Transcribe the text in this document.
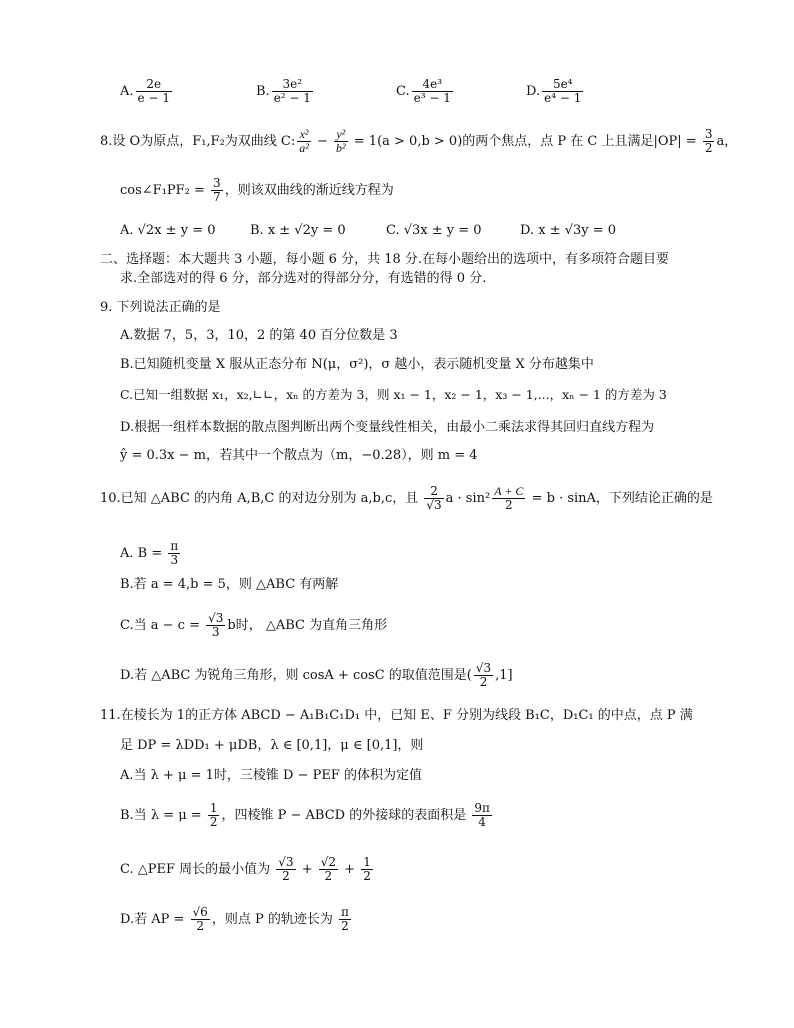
A. $\frac{2e}{e - 1}$	B. $\frac{\text{3e²}}{\text{e² − 1}}$	C. $\frac{\text{4e³}}{\text{e³ − 1}}$	D. $\frac{\text{5e⁴}}{\text{e⁴ − 1}}$
8.设 O为原点，F₁,F₂为双曲线 C: $\frac{\text{x²}}{\text{a²}} - \frac{\text{y²}}{\text{b²}} = 1(a > 0,b > 0)$的两个焦点，点 P 在 C 上且满足$|OP| = \frac{3}{2}$ a，
cos∠F₁PF₂ = $\frac{3}{7}$ ，则该双曲线的渐近线方程为
A. √2x ± y = 0	B. x ± √2y = 0	C. √3x ± y = 0	D. x ± √3y = 0
二、选择题：本大题共 3 小题，每小题 6 分，共 18 分.在每小题给出的选项中，有多项符合题目要
求.全部选对的得 6 分，部分选对的得部分分，有选错的得 0 分.
9. 下列说法正确的是
A.数据 7，5，3，10，2 的第 40 百分位数是 3
B.已知随机变量 X 服从正态分布 N(μ，σ²)，σ 越小，表示随机变量 X 分布越集中
C.已知一组数据 x₁，x₂,∟∟，xₙ 的方差为 3，则 x₁ − 1，x₂ − 1，x₃ − 1,...，xₙ − 1 的方差为 3
D.根据一组样本数据的散点图判断出两个变量线性相关，由最小二乘法求得其回归直线方程为
ŷ = 0.3x − m，若其中一个散点为（m，−0.28），则 m = 4
10.已知 △ABC 的内角 A,B,C 的对边分别为 a,b,c，且 $\frac{2}{√3}$ $a \cdot \sin^2 \frac{A + C}{2} = b \cdot \sin A$，下列结论正确的是
A. $B = \frac{\pi}{3}$
B.若 a = 4,b = 5，则 △ABC 有两解
C.当 $a - c = \frac{√3}{3}$ b时， △ABC 为直角三角形
D.若 △ABC 为锐角三角形，则 cosA + cosC 的取值范围是( $\frac{√3}{2} ,1$]
11.在棱长为 1的正方体 ABCD − A₁B₁C₁D₁ 中，已知 E、F 分别为线段 B₁C，D₁C₁ 的中点，点 P 满
足 DP = λDD₁ + μDB，λ ∈ [0,1]，μ ∈ [0,1]，则
A.当 λ + μ = 1时，三棱锥 D − PEF 的体积为定值
B.当 $\lambda = \mu = \frac{1}{2}$ ，四棱锥 P − ABCD 的外接球的表面积是 $\frac{9\pi}{4}$
C. △PEF 周长的最小值为 $\frac{√3}{2} + \frac{√2}{2} + \frac{1}{2}$
D.若 AP = $\frac{√6}{2}$ ，则点 P 的轨迹长为 $\frac{\pi}{2}$
